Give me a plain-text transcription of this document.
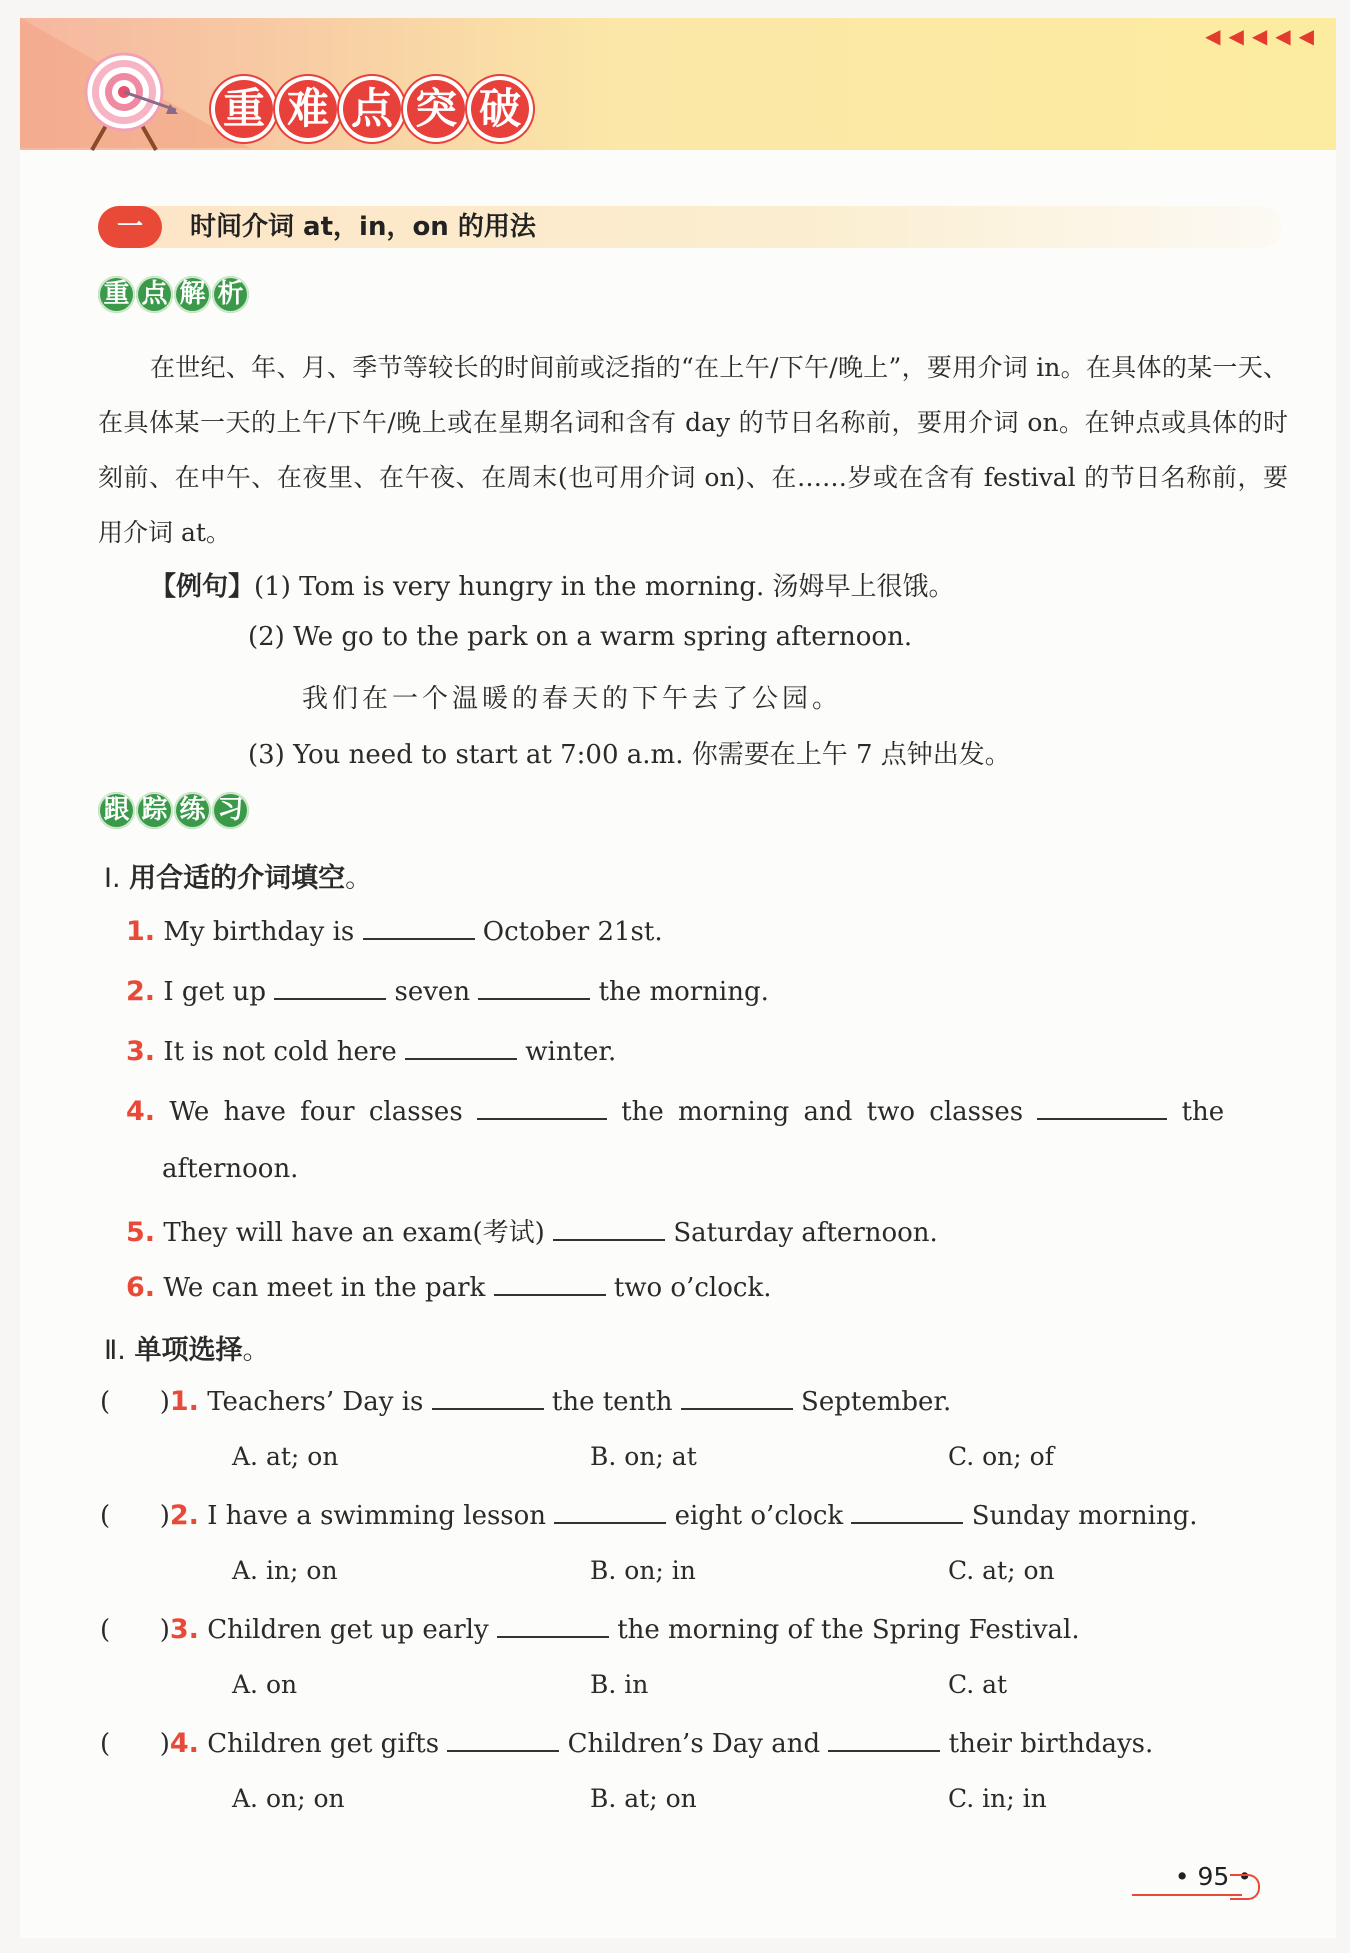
◀◀◀◀◀
重 难 点 突 破
一	时间介词 at，in，on 的用法
重 点 解 析
在世纪、年、月、季节等较长的时间前或泛指的“在上午/下午/晚上”，要用介词 in。在具体的某一天、在具体某一天的上午/下午/晚上或在星期名词和含有 day 的节日名称前，要用介词 on。在钟点或具体的时刻前、在中午、在夜里、在午夜、在周末(也可用介词 on)、在……岁或在含有 festival 的节日名称前，要用介词 at。
【例句】(1) Tom is very hungry in the morning. 汤姆早上很饿。
(2) We go to the park on a warm spring afternoon.
我们在一个温暖的春天的下午去了公园。
(3) You need to start at 7:00 a.m. 你需要在上午 7 点钟出发。
跟 踪 练 习
Ⅰ. 用合适的介词填空。
1. My birthday is	October 21st.
2. I get up	seven	the morning.
3. It is not cold here	winter.
4. We have four classes	the morning and two classes	the
afternoon.
5. They will have an exam(考试)	Saturday afternoon.
6. We can meet in the park	two o’clock.
Ⅱ. 单项选择。
(      )1. Teachers’ Day is	the tenth	September.
A. at; on	B. on; at	C. on; of
(      )2. I have a swimming lesson	eight o’clock	Sunday morning.
A. in; on	B. on; in	C. at; on
(      )3. Children get up early	the morning of the Spring Festival.
A. on	B. in	C. at
(      )4. Children get gifts	Children’s Day and	their birthdays.
A. on; on	B. at; on	C. in; in
• 95 •
